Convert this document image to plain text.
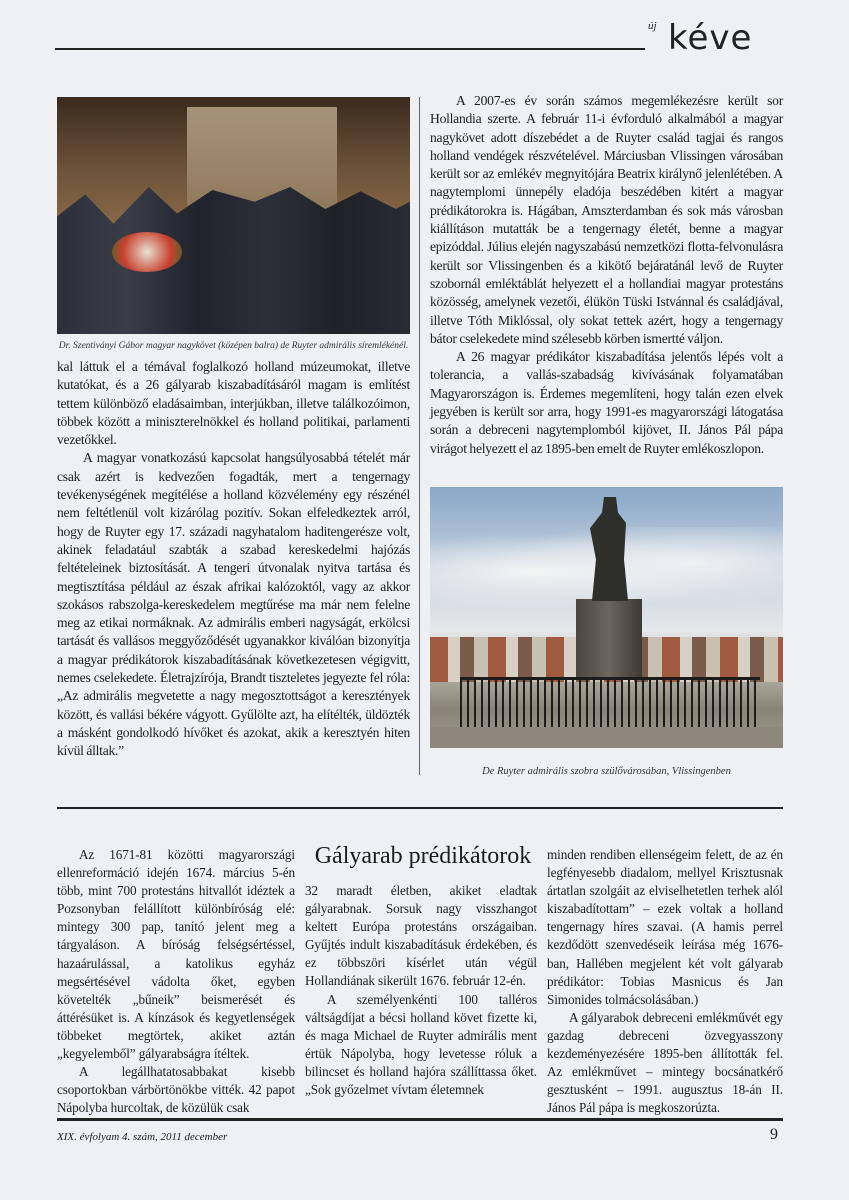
új kéve
Dr. Szentiványi Gábor magyar nagykövet (középen balra) de Ruyter admirális síremlékénél.

kal láttuk el a témával foglalkozó holland múzeumokat, illetve kutatókat, és a 26 gályarab kiszabadításáról magam is említést tettem különböző eladásaimban, interjúkban, illetve találkozóimon, többek között a miniszterelnökkel és holland politikai, parlamenti vezetőkkel.

A magyar vonatkozású kapcsolat hangsúlyosabbá tételét már csak azért is kedvezően fogadták, mert a tengernagy tevékenységének megítélése a holland közvélemény egy részénél nem feltétlenül volt kizárólag pozitív. Sokan elfeledkeztek arról, hogy de Ruyter egy 17. századi nagyhatalom haditengerésze volt, akinek feladatául szabták a szabad kereskedelmi hajózás feltételeinek biztosítását. A tengeri útvonalak nyitva tartása és megtisztítása például az észak afrikai kalózoktól, vagy az akkor szokásos rabszolga-kereskedelem megtűrése ma már nem felelne meg az etikai normáknak. Az admirális emberi nagyságát, erkölcsi tartását és vallásos meggyőződését ugyanakkor kiválóan bizonyítja a magyar prédikátorok kiszabadításának következetesen végigvitt, nemes cselekedete. Életrajzírója, Brandt tiszteletes jegyezte fel róla: „Az admirális megvetette a nagy megosztottságot a keresztények között, és vallási békére vágyott. Gyűlölte azt, ha elítélték, üldözték a másként gondolkodó hívőket és azokat, akik a keresztyén hiten kívül álltak.”

A 2007-es év során számos megemlékezésre került sor Hollandia szerte. A február 11-i évforduló alkalmából a magyar nagykövet adott díszebédet a de Ruyter család tagjai és rangos holland vendégek részvételével. Márciusban Vlissingen városában került sor az emlékév megnyitójára Beatrix királynő jelenlétében. A nagytemplomi ünnepély eladója beszédében kitért a magyar prédikátorokra is. Hágában, Amszterdamban és sok más városban kiállításon mutatták be a tengernagy életét, benne a magyar epizóddal. Július elején nagyszabású nemzetközi flotta-felvonulásra került sor Vlissingenben és a kikötő bejáratánál levő de Ruyter szobornál emléktáblát helyezett el a hollandiai magyar protestáns közösség, amelynek vezetői, élükön Tüski Istvánnal és családjával, illetve Tóth Miklóssal, oly sokat tettek azért, hogy a tengernagy bátor cselekedete mind szélesebb körben ismertté váljon.

A 26 magyar prédikátor kiszabadítása jelentős lépés volt a tolerancia, a vallás-szabadság kivívásának folyamatában Magyarországon is. Érdemes megemlíteni, hogy talán ezen elvek jegyében is került sor arra, hogy 1991-es magyarországi látogatása során a debreceni nagytemplomból kijövet, II. János Pál pápa virágot helyezett el az 1895-ben emelt de Ruyter emlékoszlopon.

De Ruyter admirális szobra szülővárosában, Vlissingenben
Gályarab prédikátorok

Az 1671-81 közötti magyarországi ellenreformáció idején 1674. március 5-én több, mint 700 protestáns hitvallót idéztek a Pozsonyban felállított különbíróság elé: mintegy 300 pap, tanító jelent meg a tárgyaláson. A bíróság felségsértéssel, hazaárulással, a katolikus egyház megsértésével vádolta őket, egyben követelték „bűneik” beismerését és áttérésüket is. A kínzások és kegyetlenségek többeket megtörtek, akiket aztán „kegyelemből” gályarabságra ítéltek.

A legállhatatosabbakat kisebb csoportokban várbörtönökbe vitték. 42 papot Nápolyba hurcoltak, de közülük csak

32 maradt életben, akiket eladtak gályarabnak. Sorsuk nagy visszhangot keltett Európa protestáns országaiban. Gyűjtés indult kiszabadításuk érdekében, és ez többszöri kísérlet után végül Hollandiának sikerült 1676. február 12-én.

A személyenkénti 100 talléros váltságdíjat a bécsi holland követ fizette ki, és maga Michael de Ruyter admirális ment értük Nápolyba, hogy levetesse róluk a bilincset és holland hajóra szállíttassa őket. „Sok győzelmet vívtam életemnek

minden rendiben ellenségeim felett, de az én legfényesebb diadalom, mellyel Krisztusnak ártatlan szolgáit az elviselhetetlen terhek alól kiszabadítottam” – ezek voltak a holland tengernagy híres szavai. (A hamis perrel kezdődött szenvedéseik leírása még 1676-ban, Hallében megjelent két volt gályarab prédikátor: Tobias Masnicus és Jan Simonides tolmácsolásában.)

A gályarabok debreceni emlékművét egy gazdag debreceni özvegyasszony kezdeményezésére 1895-ben állították fel. Az emlékművet – mintegy bocsánatkérő gesztusként – 1991. augusztus 18-án II. János Pál pápa is megkoszorúzta.

XIX. évfolyam 4. szám, 2011 december	9
